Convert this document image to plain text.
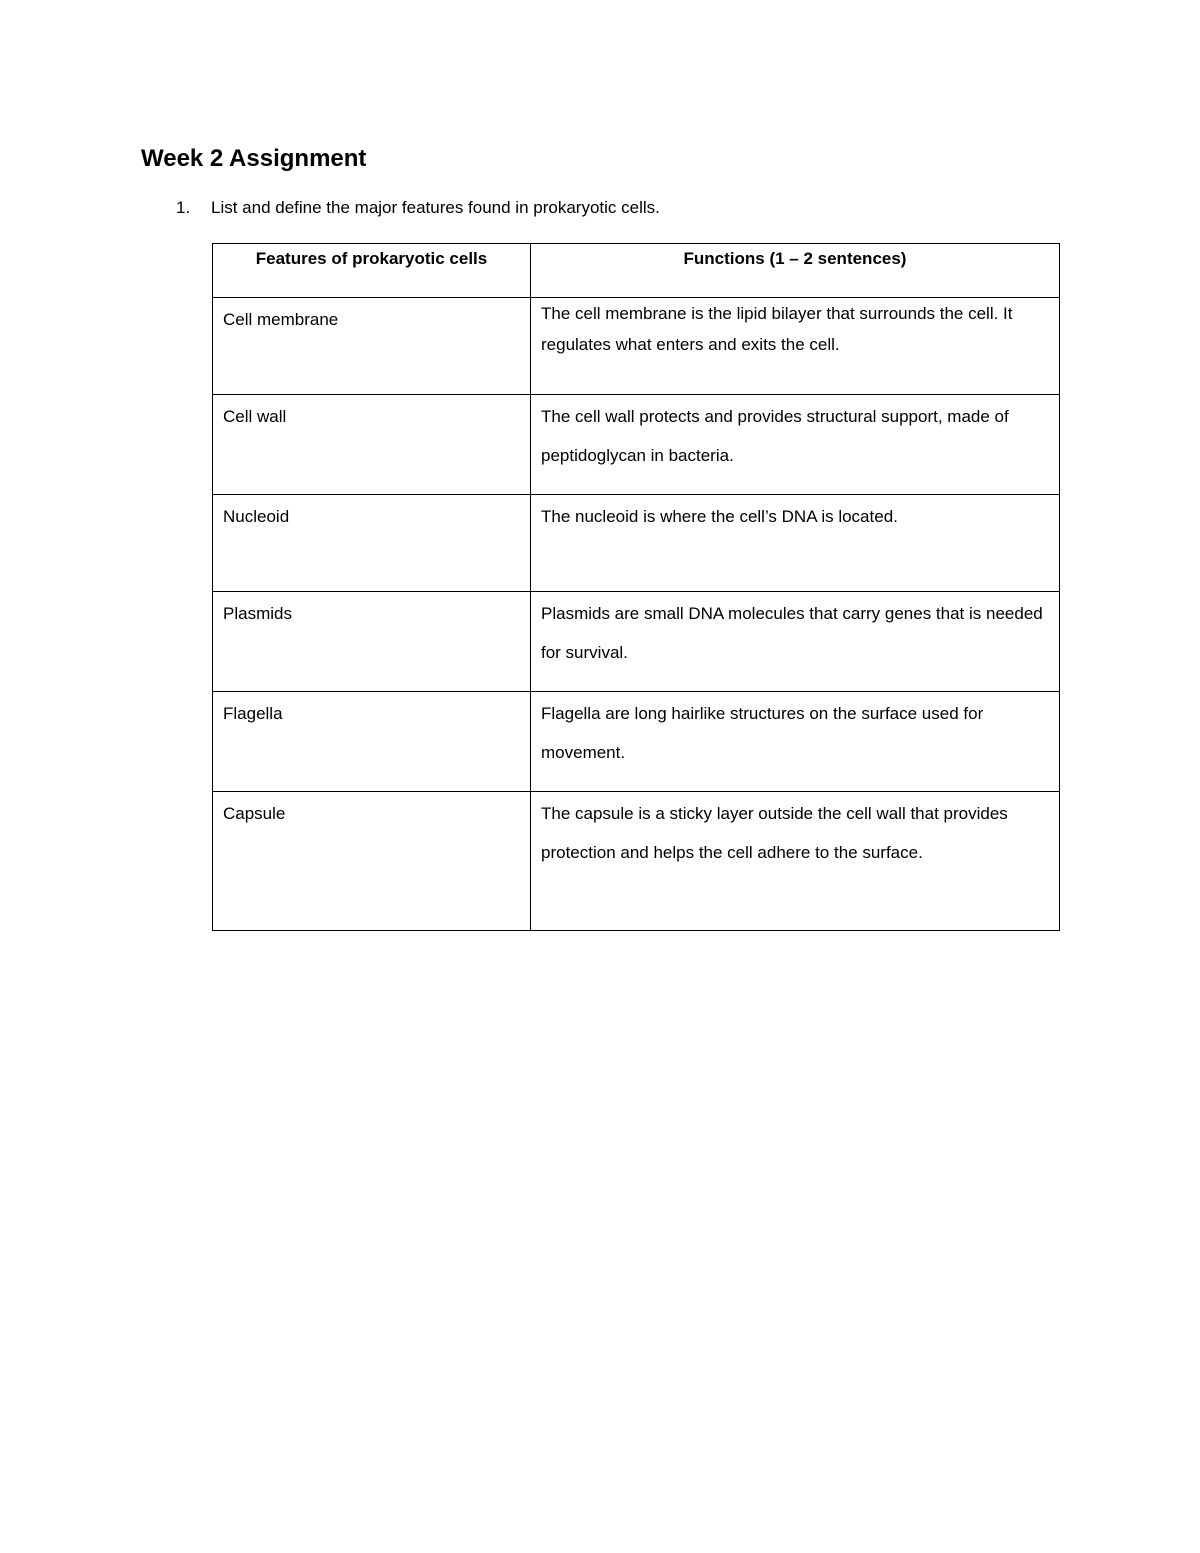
Week 2 Assignment
1. List and define the major features found in prokaryotic cells.
Features of prokaryotic cells	Functions (1 – 2 sentences)
Cell membrane	The cell membrane is the lipid bilayer that surrounds the cell. It regulates what enters and exits the cell.
Cell wall	The cell wall protects and provides structural support, made of peptidoglycan in bacteria.
Nucleoid	The nucleoid is where the cell’s DNA is located.
Plasmids	Plasmids are small DNA molecules that carry genes that is needed for survival.
Flagella	Flagella are long hairlike structures on the surface used for movement.
Capsule	The capsule is a sticky layer outside the cell wall that provides protection and helps the cell adhere to the surface.
